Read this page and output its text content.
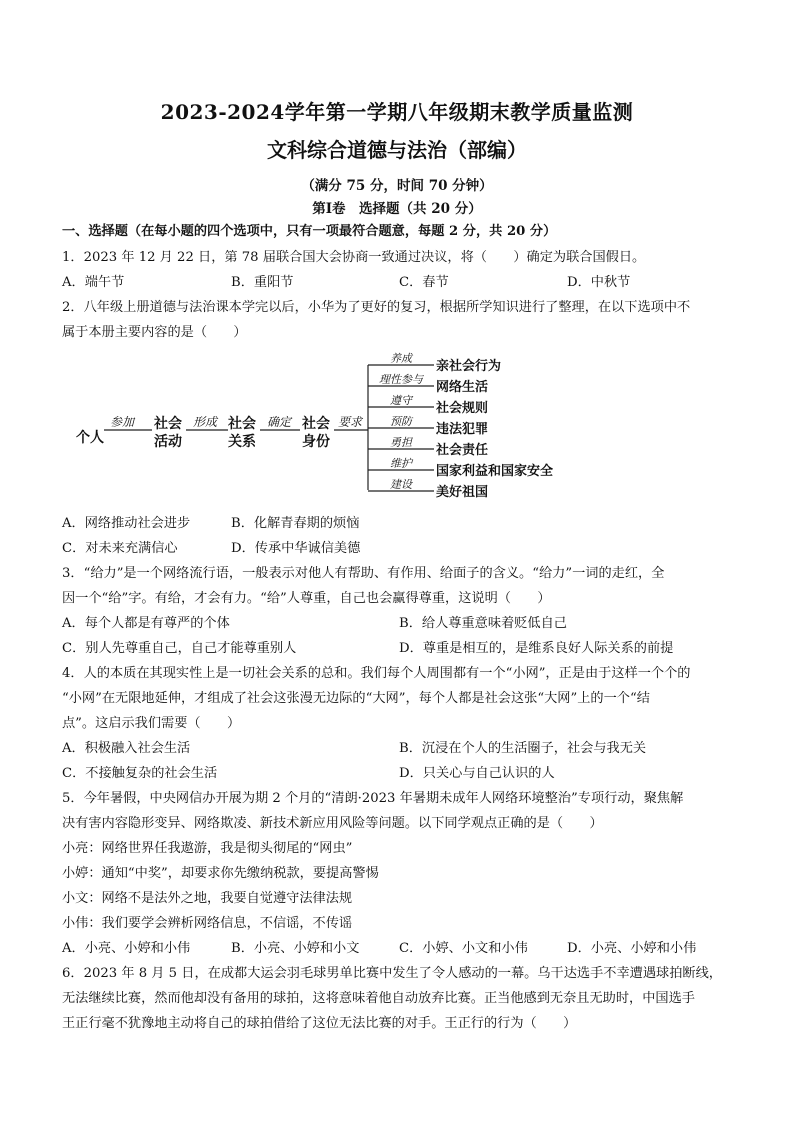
2023-2024学年第一学期八年级期末教学质量监测
文科综合道德与法治（部编）
（满分 75 分，时间 70 分钟）
第Ⅰ卷　选择题（共 20 分）
一、选择题（在每小题的四个选项中，只有一项最符合题意，每题 2 分，共 20 分）
1．2023 年 12 月 22 日，第 78 届联合国大会协商一致通过决议，将（　　）确定为联合国假日。
A．端午节	B．重阳节	C．春节	D．中秋节
2．八年级上册道德与法治课本学完以后，小华为了更好的复习，根据所学知识进行了整理，在以下选项中不
属于本册主要内容的是（　　）
个人
参加 社会
活动
形成 社会
关系
确定 社会
身份
要求
养成
亲社会行为
理性参与
网络生活
遵守
社会规则
预防
违法犯罪
勇担
社会责任
维护
国家利益和国家安全
建设
美好祖国
A．网络推动社会进步	B．化解青春期的烦恼
C．对未来充满信心	D．传承中华诚信美德
3．“给力”是一个网络流行语，一般表示对他人有帮助、有作用、给面子的含义。“给力”一词的走红，全
因一个“给”字。有给，才会有力。“给”人尊重，自己也会赢得尊重，这说明（　　）
A．每个人都是有尊严的个体	B．给人尊重意味着贬低自己
C．别人先尊重自己，自己才能尊重别人	D．尊重是相互的，是维系良好人际关系的前提
4．人的本质在其现实性上是一切社会关系的总和。我们每个人周围都有一个“小网”，正是由于这样一个个的
“小网”在无限地延伸，才组成了社会这张漫无边际的“大网”，每个人都是社会这张“大网”上的一个“结
点”。这启示我们需要（　　）
A．积极融入社会生活	B．沉浸在个人的生活圈子，社会与我无关
C．不接触复杂的社会生活	D．只关心与自己认识的人
5．今年暑假，中央网信办开展为期 2 个月的“清朗·2023 年暑期未成年人网络环境整治”专项行动，聚焦解
决有害内容隐形变异、网络欺凌、新技术新应用风险等问题。以下同学观点正确的是（　　）
小亮：网络世界任我遨游，我是彻头彻尾的“网虫”
小婷：通知“中奖”，却要求你先缴纳税款，要提高警惕
小文：网络不是法外之地，我要自觉遵守法律法规
小伟：我们要学会辨析网络信息，不信谣，不传谣
A．小亮、小婷和小伟	B．小亮、小婷和小文	C．小婷、小文和小伟	D．小亮、小婷和小伟
6．2023 年 8 月 5 日，在成都大运会羽毛球男单比赛中发生了令人感动的一幕。乌干达选手不幸遭遇球拍断线，
无法继续比赛，然而他却没有备用的球拍，这将意味着他自动放弃比赛。正当他感到无奈且无助时，中国选手
王正行毫不犹豫地主动将自己的球拍借给了这位无法比赛的对手。王正行的行为（　　）
